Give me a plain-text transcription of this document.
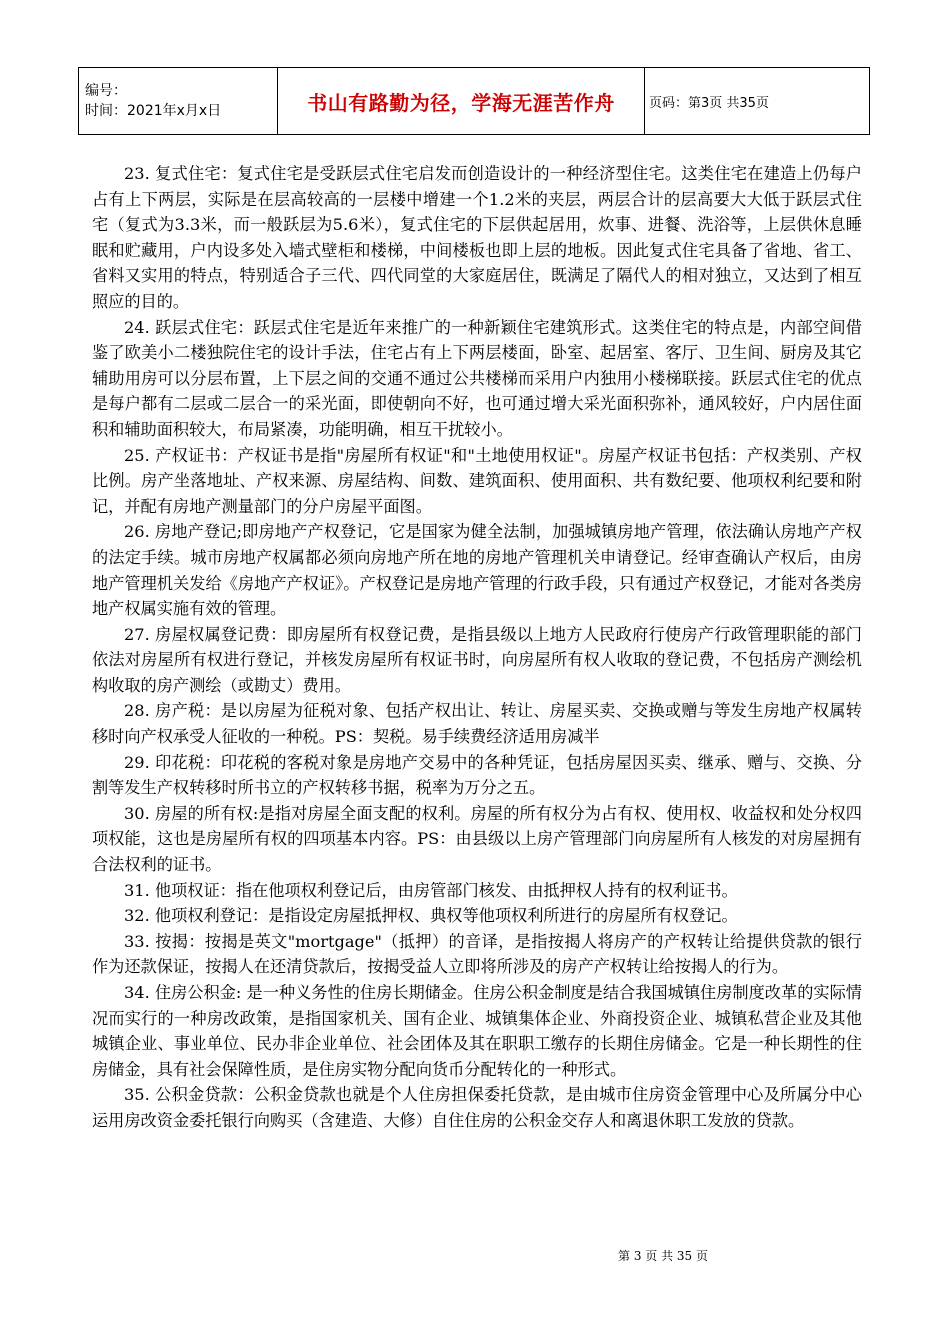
编号：
时间：2021年x月x日	书山有路勤为径，学海无涯苦作舟	页码：第3页 共35页

23. 复式住宅：复式住宅是受跃层式住宅启发而创造设计的一种经济型住宅。这类住宅在建造上仍每户占有上下两层，实际是在层高较高的一层楼中增建一个1.2米的夹层，两层合计的层高要大大低于跃层式住宅（复式为3.3米，而一般跃层为5.6米），复式住宅的下层供起居用，炊事、进餐、洗浴等，上层供休息睡眠和贮藏用，户内设多处入墙式壁柜和楼梯，中间楼板也即上层的地板。因此复式住宅具备了省地、省工、省料又实用的特点，特别适合子三代、四代同堂的大家庭居住，既满足了隔代人的相对独立，又达到了相互照应的目的。

24. 跃层式住宅：跃层式住宅是近年来推广的一种新颖住宅建筑形式。这类住宅的特点是，内部空间借鉴了欧美小二楼独院住宅的设计手法，住宅占有上下两层楼面，卧室、起居室、客厅、卫生间、厨房及其它辅助用房可以分层布置，上下层之间的交通不通过公共楼梯而采用户内独用小楼梯联接。跃层式住宅的优点是每户都有二层或二层合一的采光面，即使朝向不好，也可通过增大采光面积弥补，通风较好，户内居住面积和辅助面积较大，布局紧凑，功能明确，相互干扰较小。

25. 产权证书：产权证书是指"房屋所有权证"和"土地使用权证"。房屋产权证书包括：产权类别、产权比例。房产坐落地址、产权来源、房屋结构、间数、建筑面积、使用面积、共有数纪要、他项权利纪要和附记，并配有房地产测量部门的分户房屋平面图。

26. 房地产登记;即房地产产权登记，它是国家为健全法制，加强城镇房地产管理，依法确认房地产产权的法定手续。城市房地产权属都必须向房地产所在地的房地产管理机关申请登记。经审查确认产权后，由房地产管理机关发给《房地产产权证》。产权登记是房地产管理的行政手段，只有通过产权登记，才能对各类房地产权属实施有效的管理。

27. 房屋权属登记费：即房屋所有权登记费，是指县级以上地方人民政府行使房产行政管理职能的部门依法对房屋所有权进行登记，并核发房屋所有权证书时，向房屋所有权人收取的登记费，不包括房产测绘机构收取的房产测绘（或勘丈）费用。

28. 房产税：是以房屋为征税对象、包括产权出让、转让、房屋买卖、交换或赠与等发生房地产权属转移时向产权承受人征收的一种税。PS：契税。易手续费经济适用房减半

29. 印花税：印花税的客税对象是房地产交易中的各种凭证，包括房屋因买卖、继承、赠与、交换、分割等发生产权转移时所书立的产权转移书据，税率为万分之五。

30. 房屋的所有权:是指对房屋全面支配的权利。房屋的所有权分为占有权、使用权、收益权和处分权四项权能，这也是房屋所有权的四项基本内容。PS：由县级以上房产管理部门向房屋所有人核发的对房屋拥有合法权利的证书。

31. 他项权证：指在他项权利登记后，由房管部门核发、由抵押权人持有的权利证书。

32. 他项权利登记：是指设定房屋抵押权、典权等他项权利所进行的房屋所有权登记。

33. 按揭：按揭是英文"mortgage"（抵押）的音译，是指按揭人将房产的产权转让给提供贷款的银行作为还款保证，按揭人在还清贷款后，按揭受益人立即将所涉及的房产产权转让给按揭人的行为。

34. 住房公积金: 是一种义务性的住房长期储金。住房公积金制度是结合我国城镇住房制度改革的实际情况而实行的一种房改政策，是指国家机关、国有企业、城镇集体企业、外商投资企业、城镇私营企业及其他城镇企业、事业单位、民办非企业单位、社会团体及其在职职工缴存的长期住房储金。它是一种长期性的住房储金，具有社会保障性质，是住房实物分配向货币分配转化的一种形式。

35. 公积金贷款：公积金贷款也就是个人住房担保委托贷款，是由城市住房资金管理中心及所属分中心运用房改资金委托银行向购买（含建造、大修）自住住房的公积金交存人和离退休职工发放的贷款。

第 3 页 共 35 页
